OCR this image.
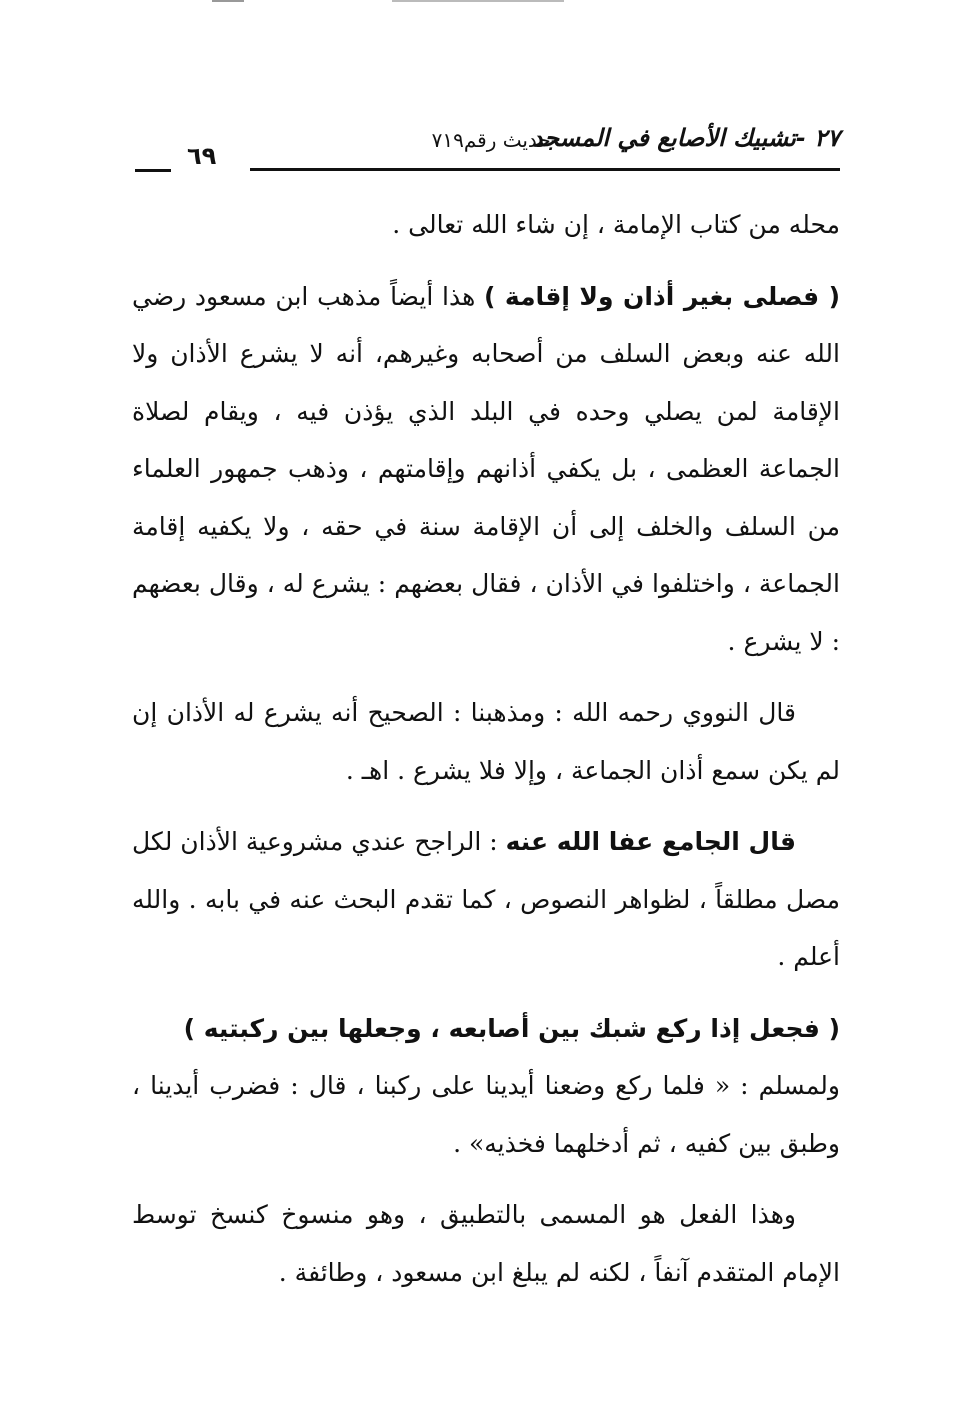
٢٧ -تشبيك الأصابع في المسجد
-حديث رقم٧١٩
٦٩

محله من كتاب الإمامة ، إن شاء الله تعالى .

( فصلى بغير أذان ولا إقامة ) هذا أيضاً مذهب ابن مسعود رضي الله عنه وبعض السلف من أصحابه وغيرهم، أنه لا يشرع الأذان ولا الإقامة لمن يصلي وحده في البلد الذي يؤذن فيه ، ويقام لصلاة الجماعة العظمى ، بل يكفي أذانهم وإقامتهم ، وذهب جمهور العلماء من السلف والخلف إلى أن الإقامة سنة في حقه ، ولا يكفيه إقامة الجماعة ، واختلفوا في الأذان ، فقال بعضهم : يشرع له ، وقال بعضهم : لا يشرع .

قال النووي رحمه الله : ومذهبنا : الصحيح أنه يشرع له الأذان إن لم يكن سمع أذان الجماعة ، وإلا فلا يشرع . اهـ .

قال الجامع عفا الله عنه : الراجح عندي مشروعية الأذان لكل مصل مطلقاً ، لظواهر النصوص ، كما تقدم البحث عنه في بابه . والله أعلم .

( فجعل إذا ركع شبك بين أصابعه ، وجعلها بين ركبتيه )
ولمسلم : « فلما ركع وضعنا أيدينا على ركبنا ، قال : فضرب أيدينا ، وطبق بين كفيه ، ثم أدخلهما فخذيه» .

وهذا الفعل هو المسمى بالتطبيق ، وهو منسوخ كنسخ توسط الإمام المتقدم آنفاً ، لكنه لم يبلغ ابن مسعود ، وطائفة .
